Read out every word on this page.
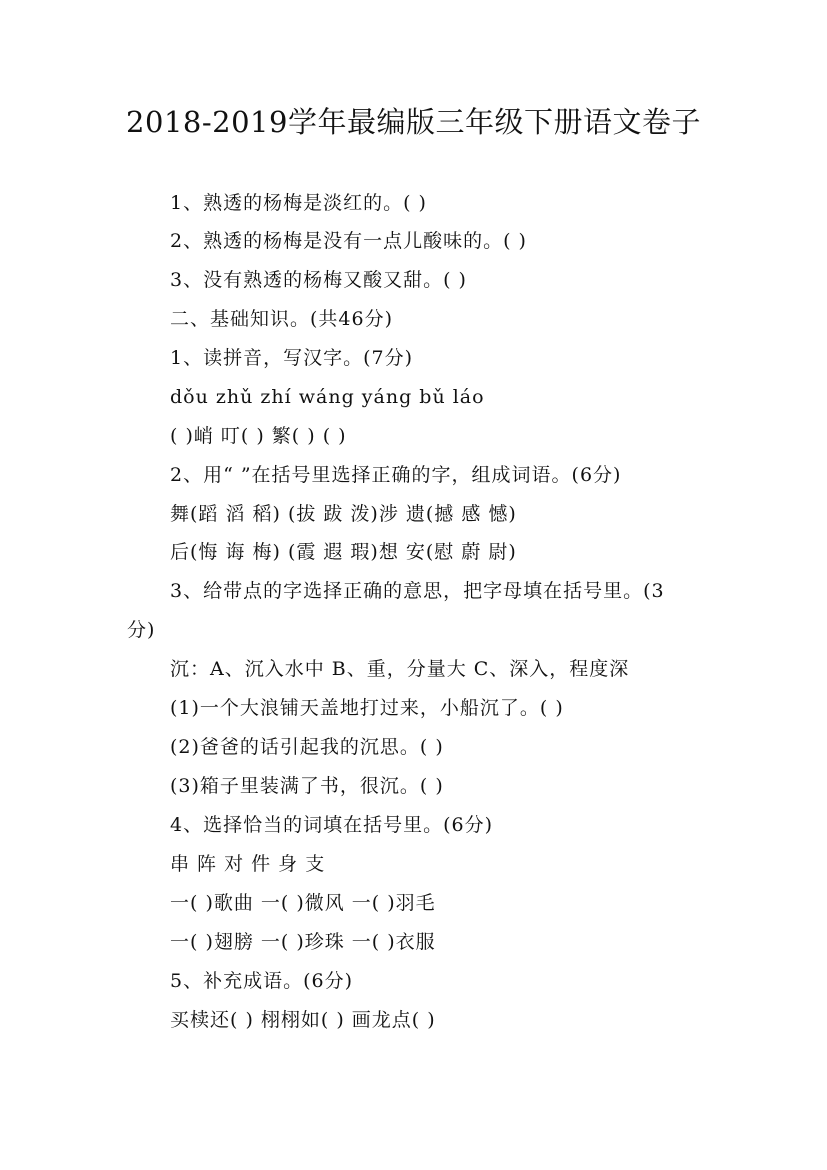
2018-2019学年最编版三年级下册语文卷子
1、熟透的杨梅是淡红的。( )
2、熟透的杨梅是没有一点儿酸味的。( )
3、没有熟透的杨梅又酸又甜。( )
二、基础知识。(共46分)
1、读拼音，写汉字。(7分)
dǒu zhǔ zhí wáng yáng bǔ láo
( )峭 叮( ) 繁( ) ( )
2、用“ ”在括号里选择正确的字，组成词语。(6分)
舞(蹈 滔 稻) (拔 跋 泼)涉 遗(撼 感 憾)
后(悔 诲 梅) (霞 遐 瑕)想 安(慰 蔚 尉)
3、给带点的字选择正确的意思，把字母填在括号里。(3
分)
沉：A、沉入水中 B、重，分量大 C、深入，程度深
(1)一个大浪铺天盖地打过来，小船沉了。( )
(2)爸爸的话引起我的沉思。( )
(3)箱子里装满了书，很沉。( )
4、选择恰当的词填在括号里。(6分)
串 阵 对 件 身 支
一( )歌曲 一( )微风 一( )羽毛
一( )翅膀 一( )珍珠 一( )衣服
5、补充成语。(6分)
买椟还( ) 栩栩如( ) 画龙点( )
